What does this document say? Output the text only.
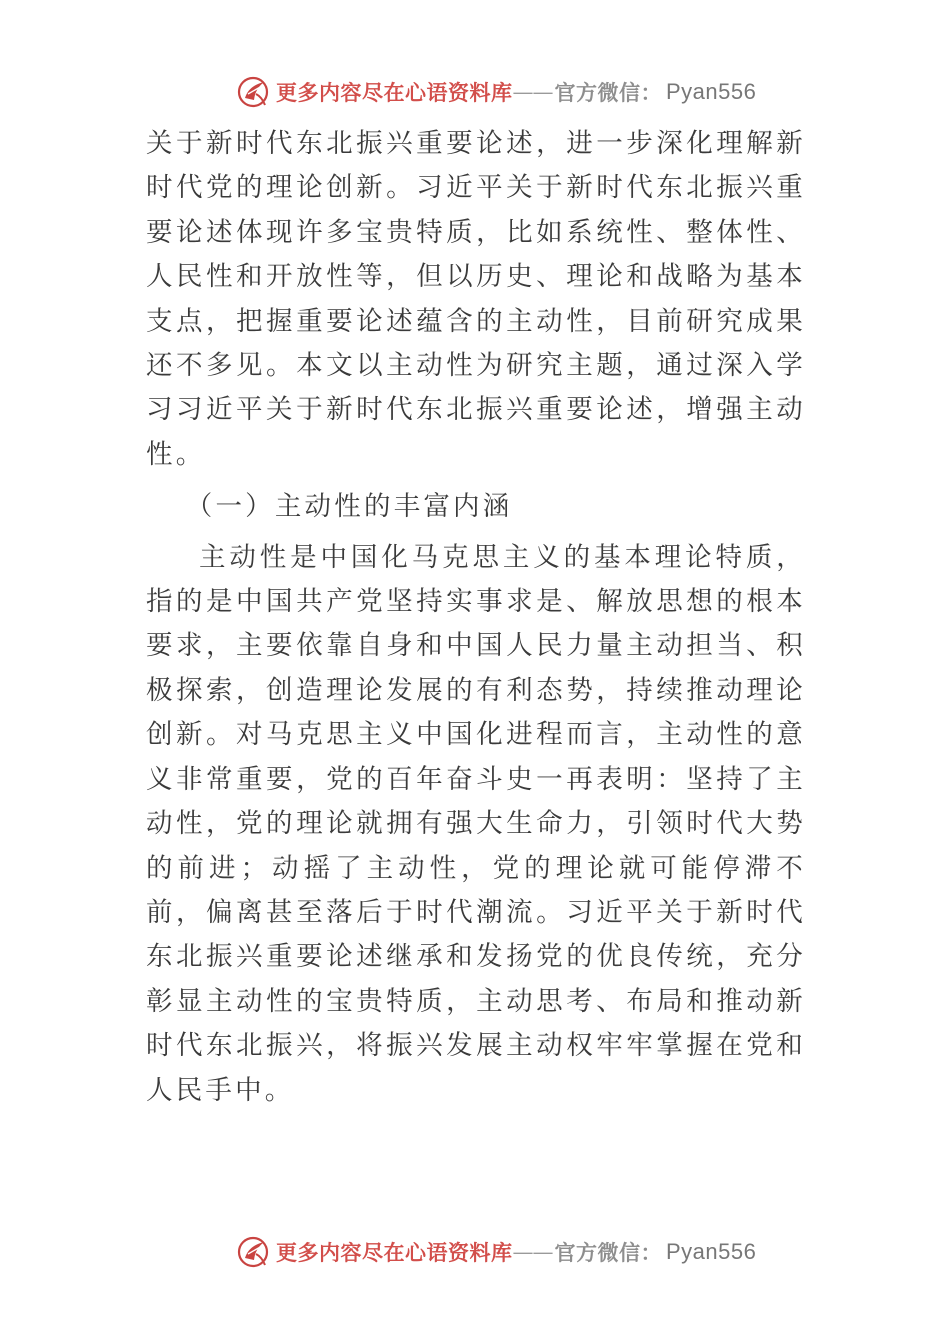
更多内容尽在心语资料库 —— 官方微信： Pyan556

关于新时代东北振兴重要论述，进一步深化理解新时代党的理论创新。习近平关于新时代东北振兴重要论述体现许多宝贵特质，比如系统性、整体性、人民性和开放性等，但以历史、理论和战略为基本支点，把握重要论述蕴含的主动性，目前研究成果还不多见。本文以主动性为研究主题，通过深入学习习近平关于新时代东北振兴重要论述，增强主动性。

（一）主动性的丰富内涵

主动性是中国化马克思主义的基本理论特质，指的是中国共产党坚持实事求是、解放思想的根本要求，主要依靠自身和中国人民力量主动担当、积极探索，创造理论发展的有利态势，持续推动理论创新。对马克思主义中国化进程而言，主动性的意义非常重要，党的百年奋斗史一再表明：坚持了主动性，党的理论就拥有强大生命力，引领时代大势的前进；动摇了主动性，党的理论就可能停滞不前，偏离甚至落后于时代潮流。习近平关于新时代东北振兴重要论述继承和发扬党的优良传统，充分彰显主动性的宝贵特质，主动思考、布局和推动新时代东北振兴，将振兴发展主动权牢牢掌握在党和人民手中。

更多内容尽在心语资料库 —— 官方微信： Pyan556
